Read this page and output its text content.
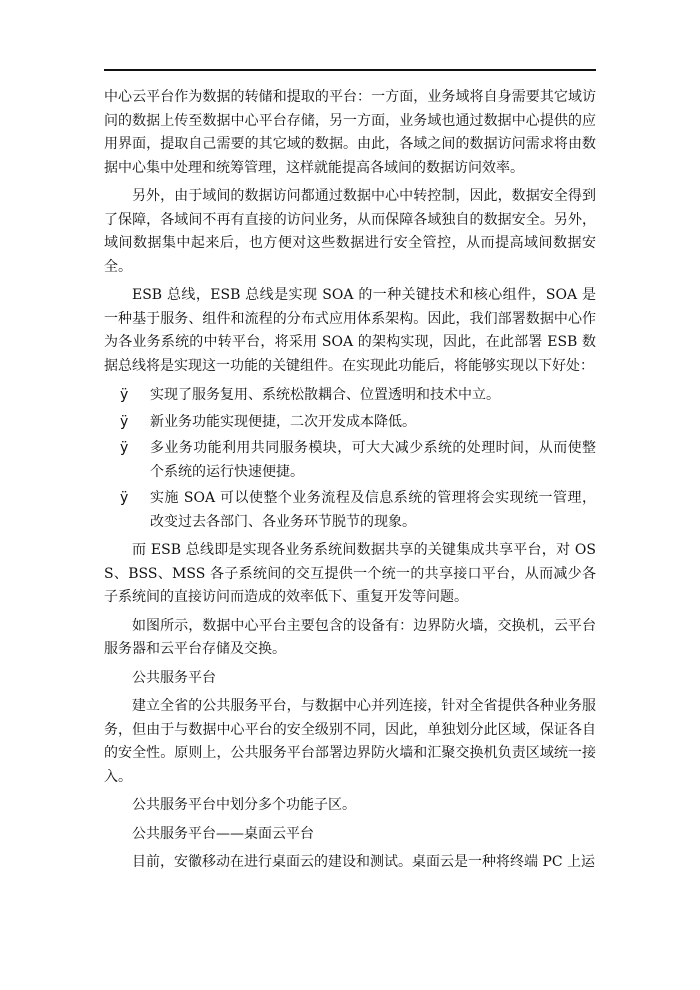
中心云平台作为数据的转储和提取的平台：一方面，业务域将自身需要其它域访问的数据上传至数据中心平台存储，另一方面，业务域也通过数据中心提供的应用界面，提取自己需要的其它域的数据。由此，各域之间的数据访问需求将由数据中心集中处理和统筹管理，这样就能提高各域间的数据访问效率。

另外，由于域间的数据访问都通过数据中心中转控制，因此，数据安全得到了保障，各域间不再有直接的访问业务，从而保障各域独自的数据安全。另外，域间数据集中起来后，也方便对这些数据进行安全管控，从而提高域间数据安全。

ESB 总线，ESB 总线是实现 SOA 的一种关键技术和核心组件，SOA 是一种基于服务、组件和流程的分布式应用体系架构。因此，我们部署数据中心作为各业务系统的中转平台，将采用 SOA 的架构实现，因此，在此部署 ESB 数据总线将是实现这一功能的关键组件。在实现此功能后，将能够实现以下好处：

ÿ 实现了服务复用、系统松散耦合、位置透明和技术中立。
ÿ 新业务功能实现便捷，二次开发成本降低。
ÿ 多业务功能利用共同服务模块，可大大减少系统的处理时间，从而使整个系统的运行快速便捷。
ÿ 实施 SOA 可以使整个业务流程及信息系统的管理将会实现统一管理，改变过去各部门、各业务环节脱节的现象。

而 ESB 总线即是实现各业务系统间数据共享的关键集成共享平台，对 OSS、BSS、MSS 各子系统间的交互提供一个统一的共享接口平台，从而减少各子系统间的直接访问而造成的效率低下、重复开发等问题。

如图所示，数据中心平台主要包含的设备有：边界防火墙，交换机，云平台服务器和云平台存储及交换。

公共服务平台

建立全省的公共服务平台，与数据中心并列连接，针对全省提供各种业务服务，但由于与数据中心平台的安全级别不同，因此，单独划分此区域，保证各自的安全性。原则上，公共服务平台部署边界防火墙和汇聚交换机负责区域统一接入。

公共服务平台中划分多个功能子区。

公共服务平台——桌面云平台

目前，安徽移动在进行桌面云的建设和测试。桌面云是一种将终端 PC 上运
